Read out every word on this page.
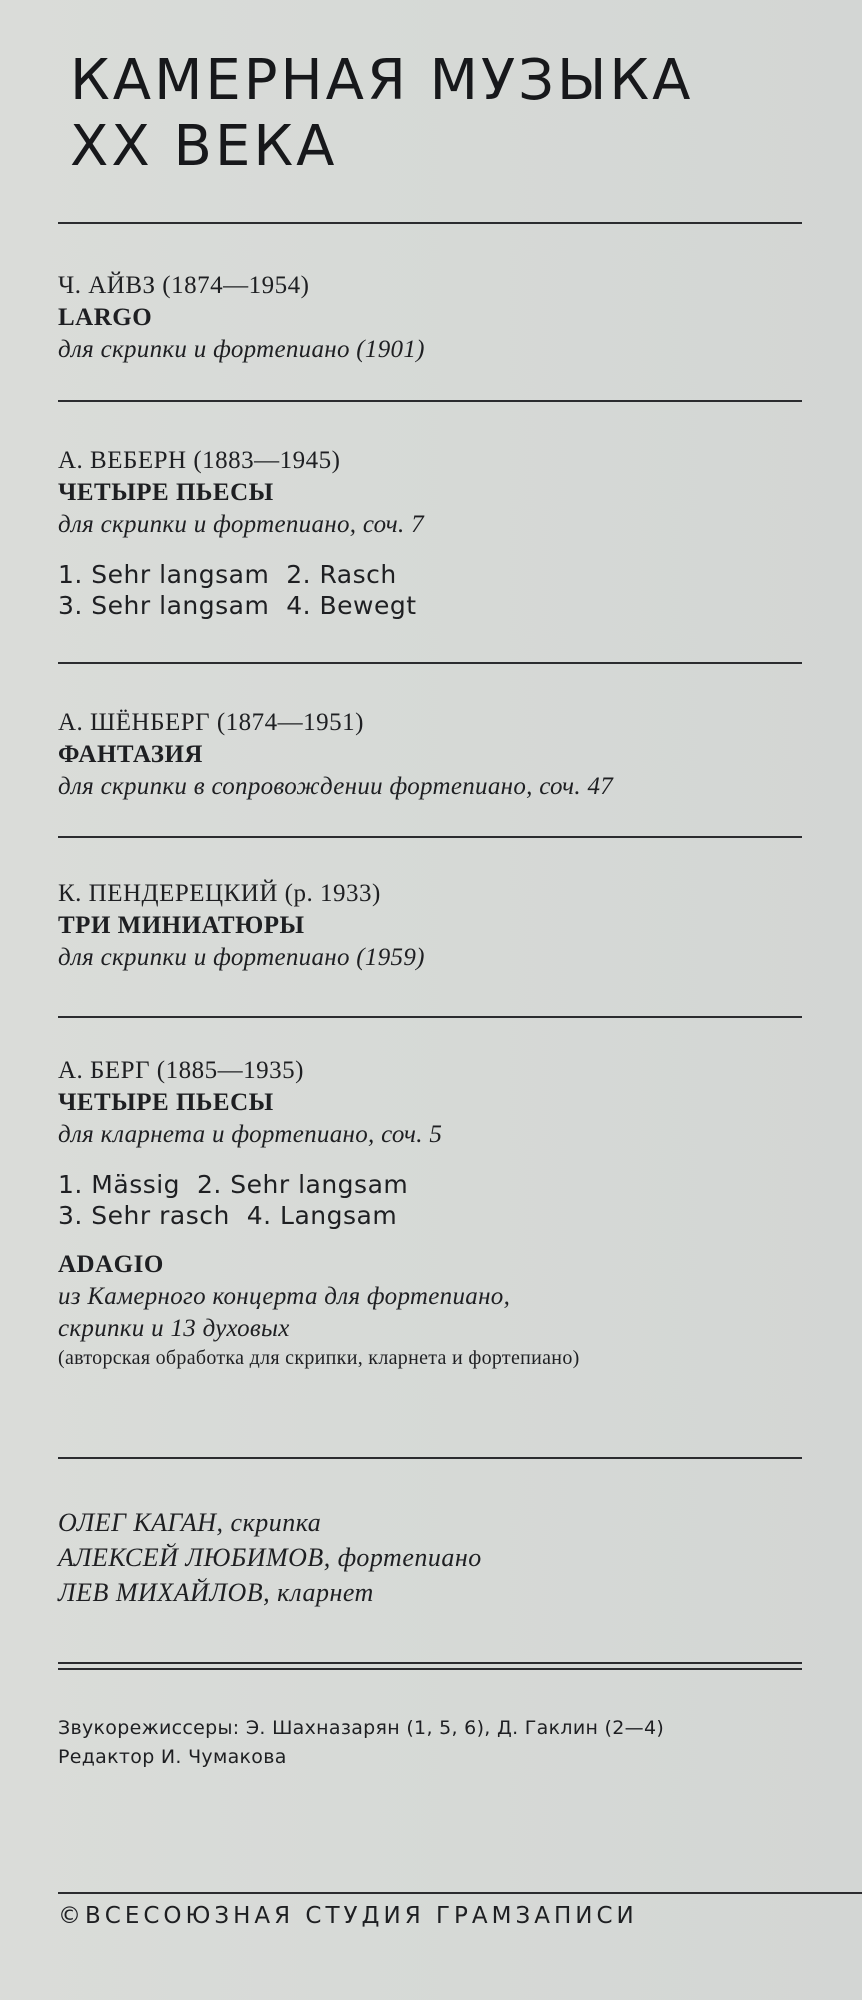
КАМЕРНАЯ МУЗЫКА
XX ВЕКА
Ч. АЙВЗ (1874—1954)
LARGO
для скрипки и фортепиано (1901)
А. ВЕБЕРН (1883—1945)
ЧЕТЫРЕ ПЬЕСЫ
для скрипки и фортепиано, соч. 7
1. Sehr langsam  2. Rasch
3. Sehr langsam  4. Bewegt
А. ШЁНБЕРГ (1874—1951)
ФАНТАЗИЯ
для скрипки в сопровождении фортепиано, соч. 47
К. ПЕНДЕРЕЦКИЙ (р. 1933)
ТРИ МИНИАТЮРЫ
для скрипки и фортепиано (1959)
А. БЕРГ (1885—1935)
ЧЕТЫРЕ ПЬЕСЫ
для кларнета и фортепиано, соч. 5
1. Mässig  2. Sehr langsam
3. Sehr rasch  4. Langsam
ADAGIO
из Камерного концерта для фортепиано,
скрипки и 13 духовых
(авторская обработка для скрипки, кларнета и фортепиано)
ОЛЕГ КАГАН, скрипка
АЛЕКСЕЙ ЛЮБИМОВ, фортепиано
ЛЕВ МИХАЙЛОВ, кларнет
Звукорежиссеры: Э. Шахназарян (1, 5, 6), Д. Гаклин (2—4)
Редактор И. Чумакова
©ВСЕСОЮЗНАЯ СТУДИЯ ГРАМЗАПИСИ
